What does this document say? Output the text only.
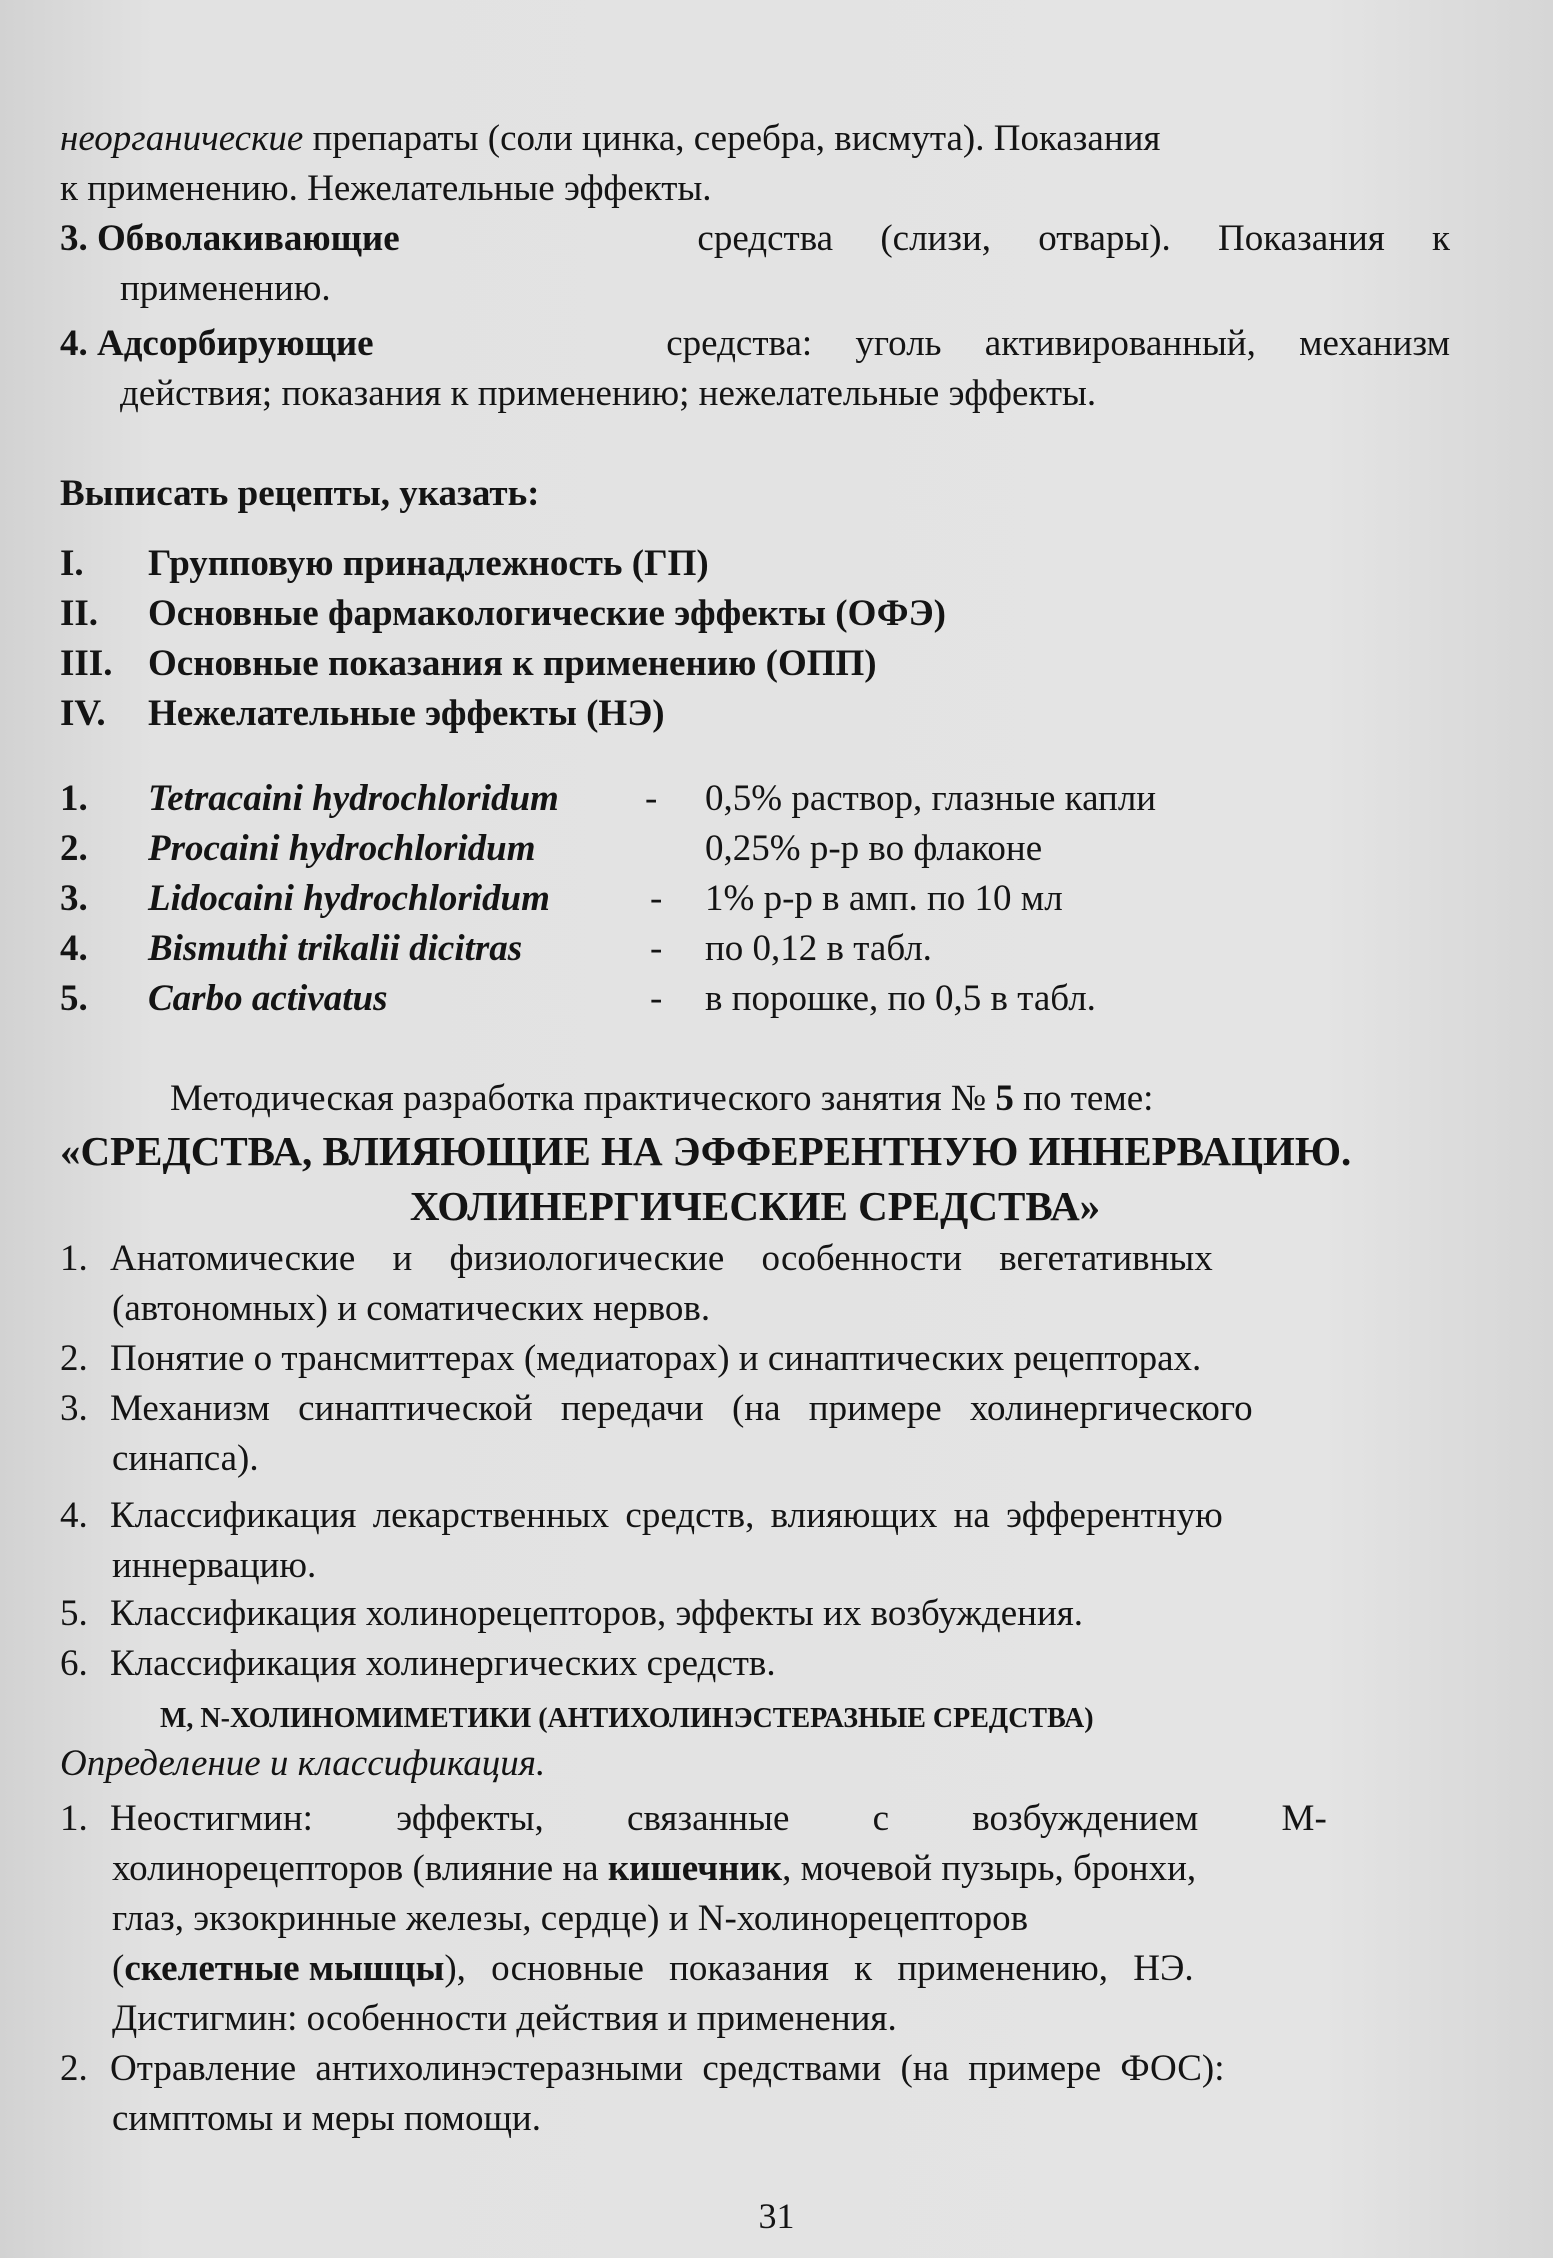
неорганические препараты (соли цинка, серебра, висмута). Показания
к применению. Нежелательные эффекты.
3. Обволакивающие	средства (слизи, отвары). Показания к
применению.
4. Адсорбирующие	средства: уголь активированный, механизм
действия; показания к применению; нежелательные эффекты.
Выписать рецепты, указать:
I. Групповую принадлежность (ГП)
II. Основные фармакологические эффекты (ОФЭ)
III. Основные показания к применению (ОПП)
IV. Нежелательные эффекты (НЭ)
1. Tetracaini hydrochloridum - 0,5% раствор, глазные капли
2. Procaini hydrochloridum	0,25% р-р во флаконе
3. Lidocaini hydrochloridum	- 1% р-р в амп. по 10 мл
4. Bismuthi trikalii dicitras	- по 0,12 в табл.
5. Carbo activatus	- в порошке, по 0,5 в табл.
Методическая разработка практического занятия № 5 по теме:
«СРЕДСТВА, ВЛИЯЮЩИЕ НА ЭФФЕРЕНТНУЮ ИННЕРВАЦИЮ.
ХОЛИНЕРГИЧЕСКИЕ СРЕДСТВА»
1. Анатомические и физиологические особенности вегетативных
(автономных) и соматических нервов.
2. Понятие о трансмиттерах (медиаторах) и синаптических рецепторах.
3. Механизм синаптической передачи (на примере холинергического
синапса).
4. Классификация лекарственных средств, влияющих на эфферентную
иннервацию.
5. Классификация холинорецепторов, эффекты их возбуждения.
6. Классификация холинергических средств.
М, N-ХОЛИНОМИМЕТИКИ (АНТИХОЛИНЭСТЕРАЗНЫЕ СРЕДСТВА)
Определение и классификация.
1. Неостигмин: эффекты, связанные с возбуждением М-
холинорецепторов (влияние на кишечник, мочевой пузырь, бронхи,
глаз, экзокринные железы, сердце) и N-холинорецепторов
(скелетные мышцы), основные показания к применению, НЭ.
Дистигмин: особенности действия и применения.
2. Отравление антихолинэстеразными средствами (на примере ФОС):
симптомы и меры помощи.
31
